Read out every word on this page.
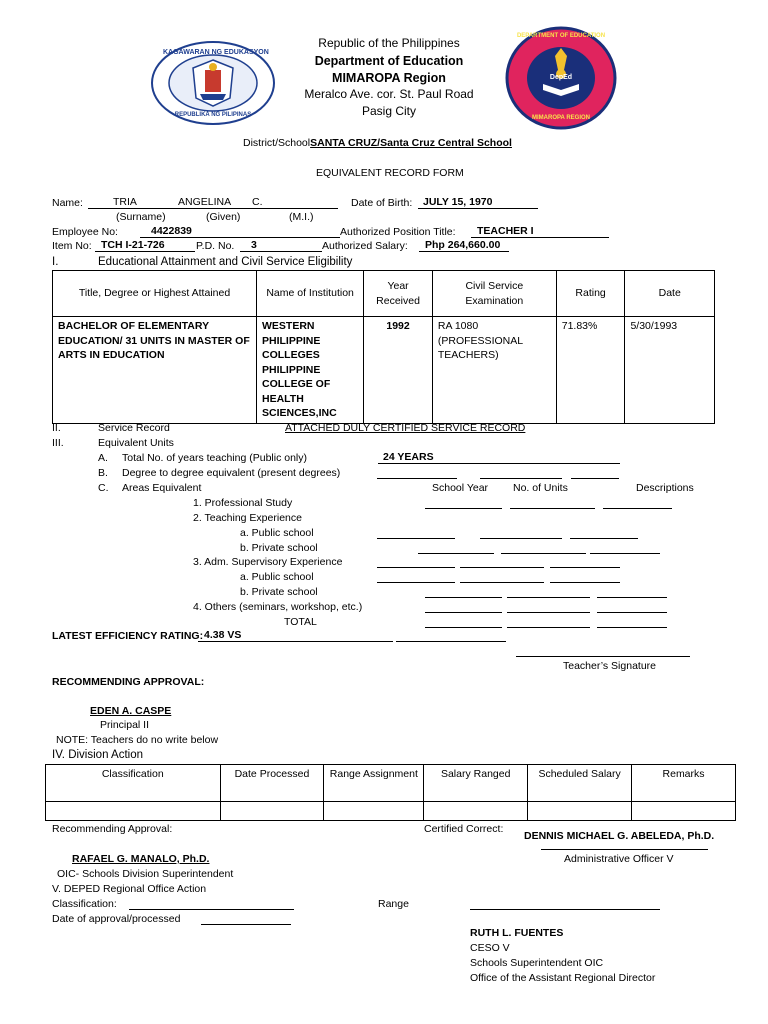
KAGAWARAN NG EDUKASYON
REPUBLIKA NG PILIPINAS
DepEd
DEPARTMENT OF EDUCATION
MIMAROPA REGION
Republic of the Philippines
Department of Education
MIMAROPA Region
Meralco Ave. cor. St. Paul Road
Pasig City
District/SchoolSANTA CRUZ/Santa Cruz Central School
EQUIVALENT RECORD FORM
Name:	TRIA	ANGELINA C.	Date of Birth: JULY 15, 1970
(Surname)	(Given)	(M.I.)
Employee No:	4422839	Authorized Position Title: TEACHER I
Item No: TCH I-21-726	P.D. No. 3	Authorized Salary: Php 264,660.00
I.	Educational Attainment and Civil Service Eligibility
Title, Degree or Highest Attained	Name of Institution	Year Received	Civil Service Examination	Rating	Date
BACHELOR OF ELEMENTARY EDUCATION/ 31 UNITS IN MASTER OF ARTS IN EDUCATION	WESTERN PHILIPPINE COLLEGES PHILIPPINE COLLEGE OF HEALTH SCIENCES,INC	1992	RA 1080 (PROFESSIONAL TEACHERS)	71.83%	5/30/1993
II.	Service Record	ATTACHED DULY CERTIFIED SERVICE RECORD
III.	Equivalent Units
A. Total No. of years teaching (Public only)	24 YEARS
B. Degree to degree equivalent (present degrees)
C. Areas Equivalent	School Year No. of Units	Descriptions
1. Professional Study
2. Teaching Experience
a. Public school
b. Private school
3. Adm. Supervisory Experience
a. Public school
b. Private school
4. Others (seminars, workshop, etc.)
TOTAL
LATEST EFFICIENCY RATING: 4.38 VS
Teacher’s Signature
RECOMMENDING APPROVAL:
EDEN A. CASPE
Principal II
NOTE: Teachers do no write below
IV. Division Action
Classification	Date Processed	Range Assignment	Salary Ranged	Scheduled Salary	Remarks

Recommending Approval:	Certified Correct:
DENNIS MICHAEL G. ABELEDA, Ph.D.
Administrative Officer V
RAFAEL G. MANALO, Ph.D.
OIC- Schools Division Superintendent
V. DEPED Regional Office Action
Classification:	Range
Date of approval/processed
RUTH L. FUENTES
CESO V
Schools Superintendent OIC
Office of the Assistant Regional Director
